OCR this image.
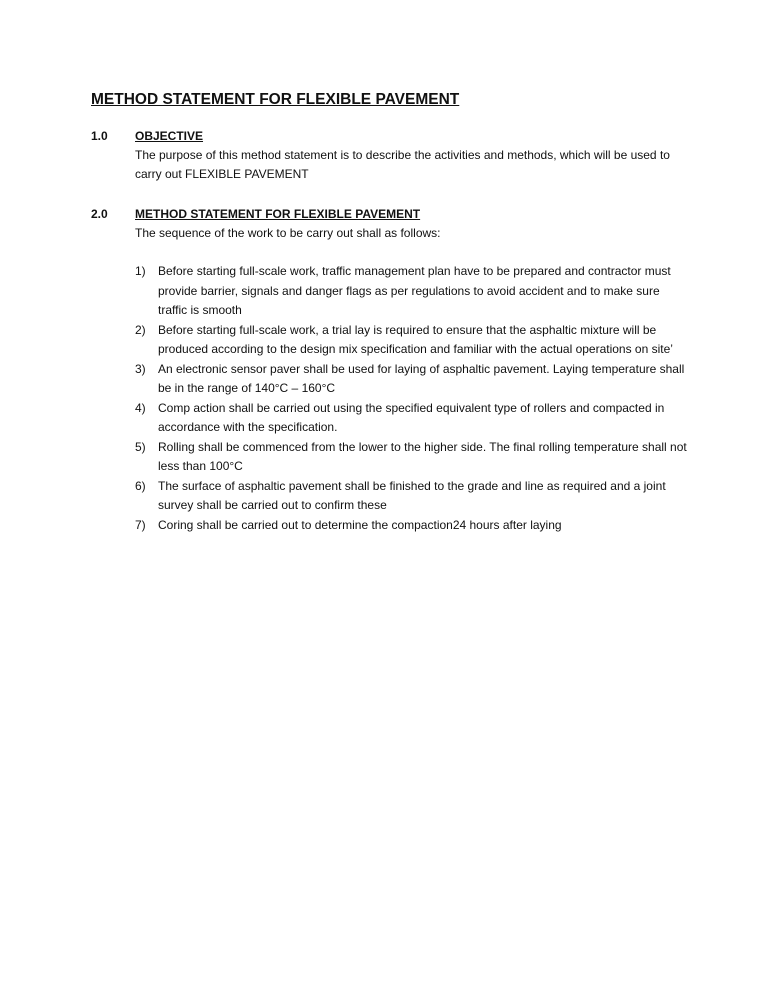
METHOD STATEMENT FOR FLEXIBLE PAVEMENT
1.0 OBJECTIVE

The purpose of this method statement is to describe the activities and methods, which will be used to carry out FLEXIBLE PAVEMENT

2.0 METHOD STATEMENT FOR FLEXIBLE PAVEMENT

The sequence of the work to be carry out shall as follows:

1) Before starting full-scale work, traffic management plan have to be prepared and contractor must provide barrier, signals and danger flags as per regulations to avoid accident and to make sure traffic is smooth
2) Before starting full-scale work, a trial lay is required to ensure that the asphaltic mixture will be produced according to the design mix specification and familiar with the actual operations on site’
3) An electronic sensor paver shall be used for laying of asphaltic pavement. Laying temperature shall be in the range of 140°C – 160°C
4) Comp action shall be carried out using the specified equivalent type of rollers and compacted in accordance with the specification.
5) Rolling shall be commenced from the lower to the higher side. The final rolling temperature shall not less than 100°C
6) The surface of asphaltic pavement shall be finished to the grade and line as required and a joint survey shall be carried out to confirm these
7) Coring shall be carried out to determine the compaction24 hours after laying
